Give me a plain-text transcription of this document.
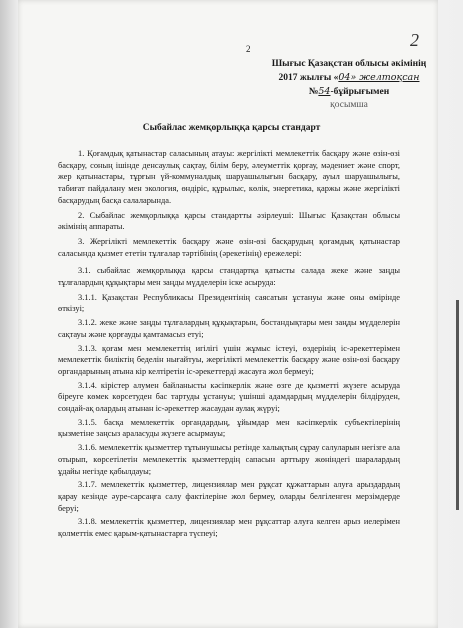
2	2
Шығыс Қазақстан облысы әкімінің
2017 жылғы «04» желтоқсан
№54-бұйрығымен
қосымша
Сыбайлас жемқорлыққа қарсы стандарт

1. Қоғамдық қатынастар саласының атауы: жергілікті мемлекеттік басқару және өзін-өзі басқару, соның ішінде денсаулық сақтау, білім беру, әлеуметтік қорғау, мәдениет және спорт, жер қатынастары, тұрғын үй-коммуналдық шаруашылығын басқару, ауыл шаруашылығы, табиғат пайдалану мен экология, өндіріс, құрылыс, көлік, энергетика, қаржы және жергілікті басқарудың басқа салаларында.

2. Сыбайлас жемқорлыққа қарсы стандартты әзірлеуші: Шығыс Қазақстан облысы әкімінің аппараты.

3. Жергілікті мемлекеттік басқару және өзін-өзі басқарудың қоғамдық қатынастар саласында қызмет ететін тұлғалар тәртібінің (әрекетінің) ережелері:

3.1. сыбайлас жемқорлыққа қарсы стандартқа қатысты салада жеке және заңды тұлғалардың құқықтары мен заңды мүдделерін іске асыруда:

3.1.1. Қазақстан Республикасы Президентінің саясатын ұстануы және оны өмірінде өткізуі;

3.1.2. жеке және заңды тұлғалардың құқықтарын, бостандықтары мен заңды мүдделерін сақтауы және қорғауды қамтамасыз етуі;

3.1.3. қоғам мен мемлекеттің игілігі үшін жұмыс істеуі, өздерінің іс-әрекеттерімен мемлекеттік биліктің беделін нығайтуы, жергілікті мемлекеттік басқару және өзін-өзі басқару органдарының атына кір келтіретін іс-әрекеттерді жасауға жол бермеуі;

3.1.4. кірістер алумен байланысты кәсіпкерлік және өзге де қызметті жүзеге асыруда біреуге көмек көрсетуден бас тартуды ұстануы; үшінші адамдардың мүдделерін білдіруден, сондай-ақ олардың атынан іс-әрекеттер жасаудан аулақ жүруі;

3.1.5. басқа мемлекеттік органдардың, ұйымдар мен кәсіпкерлік субъектілерінің қызметіне заңсыз араласуды жүзеге асырмауы;

3.1.6. мемлекеттік қызметтер тұтынушысы ретінде халықтың сұрау салуларын негізге ала отырып, көрсетілетін мемлекеттік қызметтердің сапасын арттыру жөніндегі шаралардың ұдайы негізде қабылдауы;

3.1.7. мемлекеттік қызметтер, лицензиялар мен рұқсат құжаттарын алуға арыздардың қарау кезінде әуре-сарсаңға салу фактілеріне жол бермеу, оларды белгіленген мерзімдерде беруі;

3.1.8. мемлекеттік қызметтер, лицензиялар мен рұқсаттар алуға келген арыз иелерімен қолметтік емес қарым-қатынастарға түспеуі;
